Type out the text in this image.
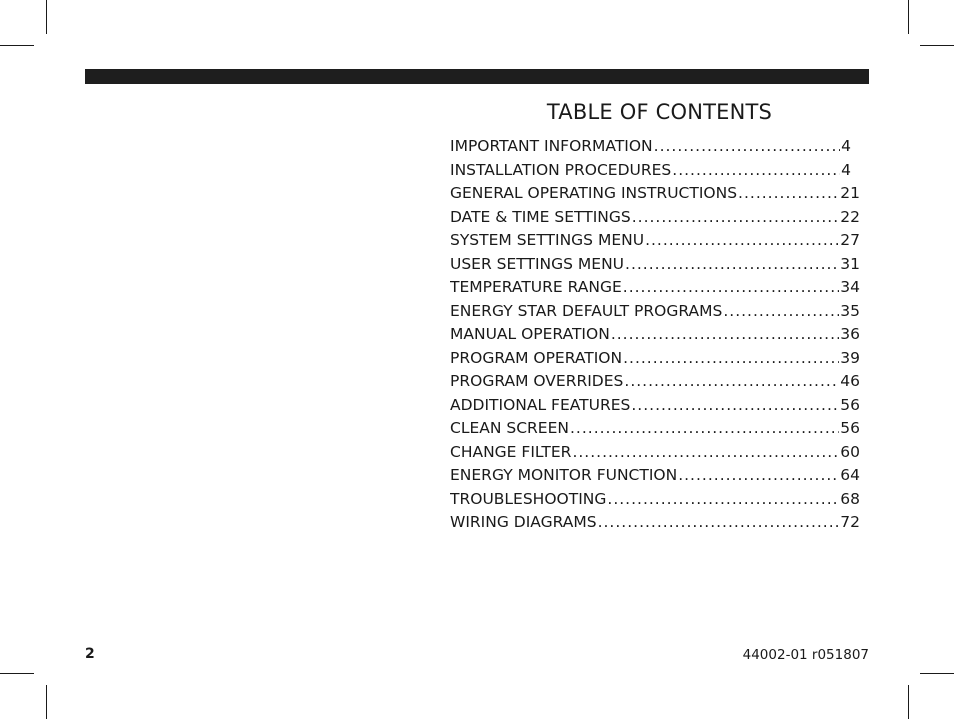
TABLE OF CONTENTS
IMPORTANT INFORMATION .....	4
INSTALLATION PROCEDURES .....	4
GENERAL OPERATING INSTRUCTIONS .....	21
DATE & TIME SETTINGS .....	22
SYSTEM SETTINGS MENU .....	27
USER SETTINGS MENU .....	31
TEMPERATURE RANGE .....	34
ENERGY STAR DEFAULT PROGRAMS .....	35
MANUAL OPERATION .....	36
PROGRAM OPERATION .....	39
PROGRAM OVERRIDES .....	46
ADDITIONAL FEATURES .....	56
CLEAN SCREEN .....	56
CHANGE FILTER .....	60
ENERGY MONITOR FUNCTION .....	64
TROUBLESHOOTING .....	68
WIRING DIAGRAMS .....	72
2	44002-01 r051807
